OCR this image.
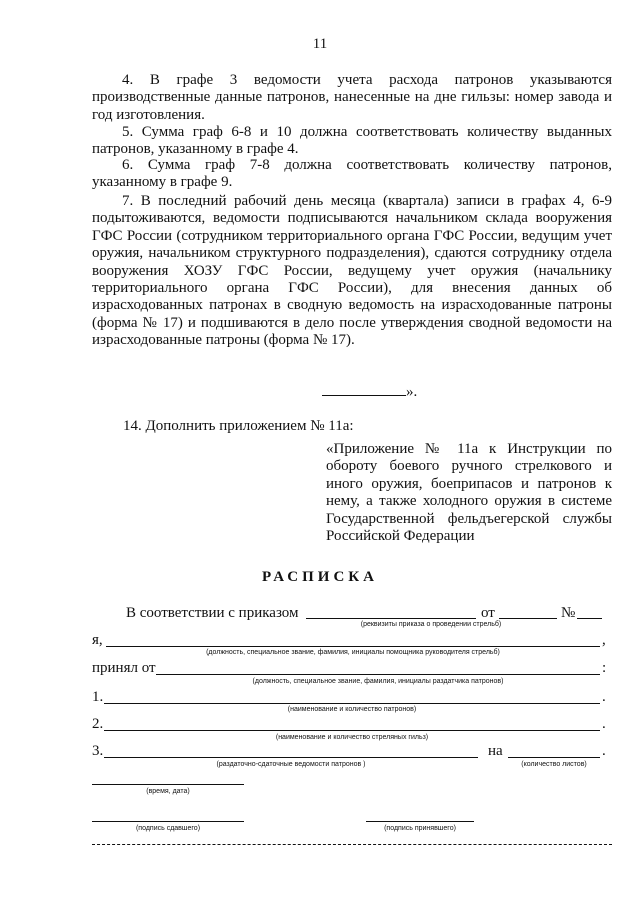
11

4. В графе 3 ведомости учета расхода патронов указываются производственные данные патронов, нанесенные на дне гильзы: номер завода и год изготовления.

5. Сумма граф 6-8 и 10 должна соответствовать количеству выданных патронов, указанному в графе 4.

6. Сумма граф 7-8 должна соответствовать количеству патронов, указанному в графе 9.

7. В последний рабочий день месяца (квартала) записи в графах 4, 6-9 подытоживаются, ведомости подписываются начальником склада вооружения ГФС России (сотрудником территориального органа ГФС России, ведущим учет оружия, начальником структурного подразделения), сдаются сотруднику отдела вооружения ХОЗУ ГФС России, ведущему учет оружия (начальнику территориального органа ГФС России), для внесения данных об израсходованных патронах в сводную ведомость на израсходованные патроны (форма № 17) и подшиваются в дело после утверждения сводной ведомости на израсходованные патроны (форма № 17).

».
14. Дополнить приложением № 11а:

«Приложение № 11а к Инструкции по обороту боевого ручного стрелкового и иного оружия, боеприпасов и патронов к нему, а также холодного оружия в системе Государственной фельдъегерской службы Российской Федерации

РАСПИСКА
В соответствии с приказом	от	№
(реквизиты приказа о проведении стрельб)
я,	,
(должность, специальное звание, фамилия, инициалы помощника руководителя стрельб)
принял от	:
(должность, специальное звание, фамилия, инициалы раздатчика патронов)
1.	.
(наименование и количество патронов)
2.	.
(наименование и количество стреляных гильз)
3.	на	.
(раздаточно-сдаточные ведомости патронов )	(количество листов)
(время, дата)
(подпись сдавшего)	(подпись принявшего)
